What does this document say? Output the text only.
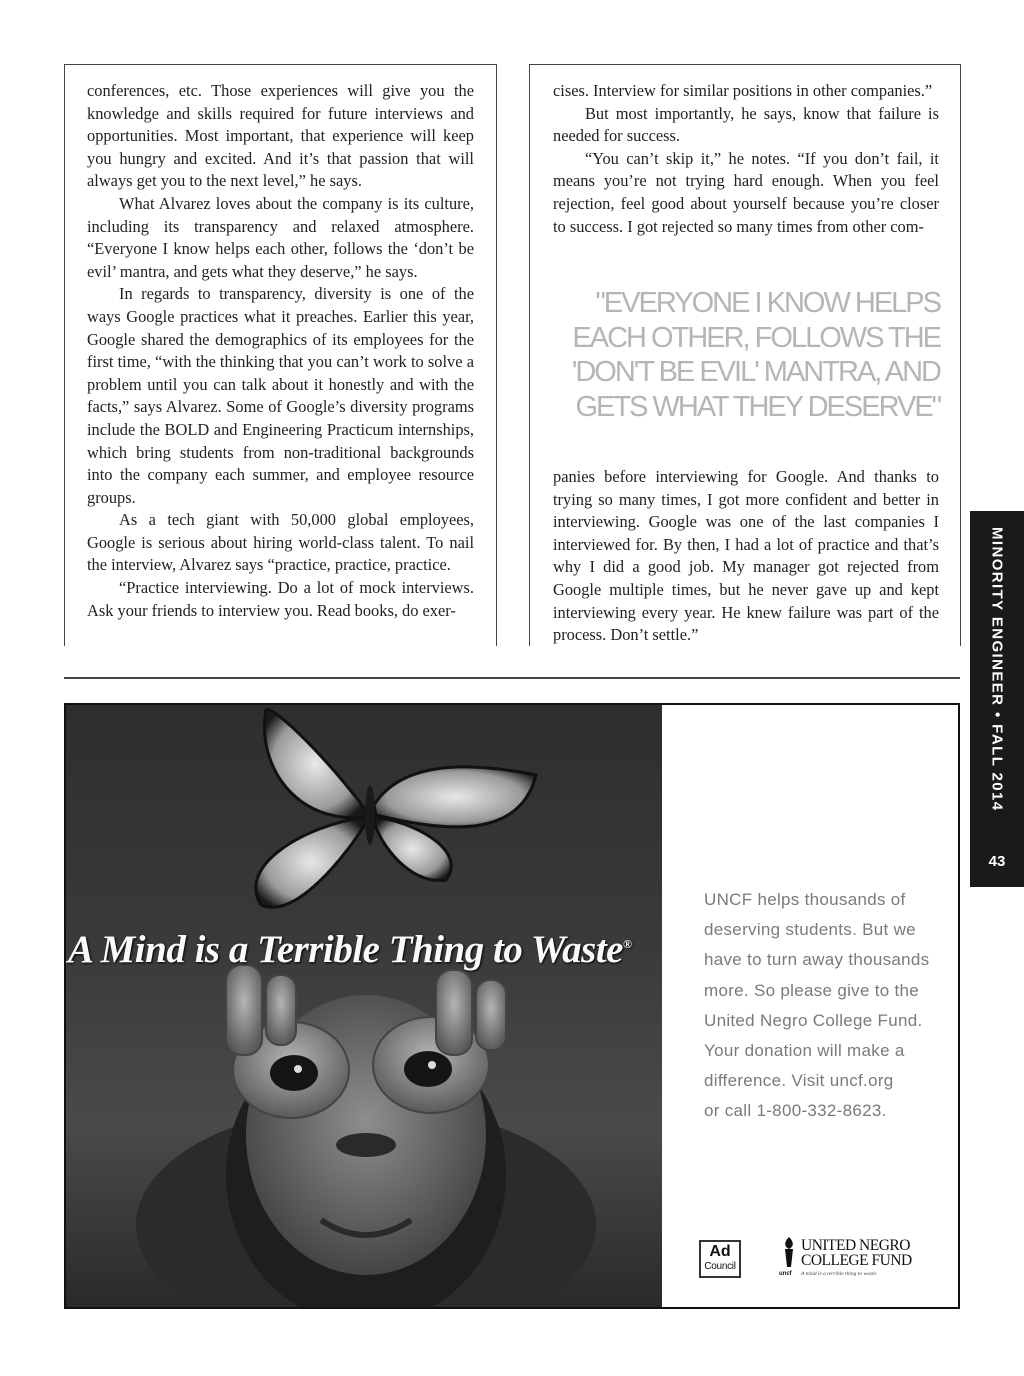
conferences, etc. Those experiences will give you the knowledge and skills required for future interviews and opportunities. Most important, that experience will keep you hungry and excited. And it’s that passion that will always get you to the next level,” he says.

What Alvarez loves about the company is its culture, including its transparency and relaxed atmosphere. “Everyone I know helps each other, follows the ‘don’t be evil’ mantra, and gets what they deserve,” he says.

In regards to transparency, diversity is one of the ways Google practices what it preaches. Earlier this year, Google shared the demographics of its employees for the first time, “with the thinking that you can’t work to solve a problem until you can talk about it honestly and with the facts,” says Alvarez. Some of Google’s diversity programs include the BOLD and Engineering Practicum internships, which bring students from non-traditional backgrounds into the company each summer, and employee resource groups.

As a tech giant with 50,000 global employees, Google is serious about hiring world-class talent. To nail the interview, Alvarez says “practice, practice, practice.

“Practice interviewing. Do a lot of mock interviews. Ask your friends to interview you. Read books, do exer-

cises. Interview for similar positions in other companies.”

But most importantly, he says, know that failure is needed for success.

“You can’t skip it,” he notes. “If you don’t fail, it means you’re not trying hard enough. When you feel rejection, feel good about yourself because you’re closer to success. I got rejected so many times from other com-

"EVERYONE I KNOW HELPS
EACH OTHER, FOLLOWS THE
'DON'T BE EVIL' MANTRA, AND
GETS WHAT THEY DESERVE"

panies before interviewing for Google. And thanks to trying so many times, I got more confident and better in interviewing. Google was one of the last companies I interviewed for. By then, I had a lot of practice and that’s why I did a good job. My manager got rejected from Google multiple times, but he never gave up and kept interviewing every year. He knew failure was part of the process. Don’t settle.”	MINORITY ENGINEER • FALL 2014
43
A Mind is a Terrible Thing to Waste®
UNCF helps thousands of
deserving students. But we
have to turn away thousands
more. So please give to the
United Negro College Fund.
Your donation will make a
difference. Visit uncf.org
or call 1-800-332-8623.
Ad
Council
UNITED NEGRO
COLLEGE FUND
uncf A mind is a terrible thing to waste.
